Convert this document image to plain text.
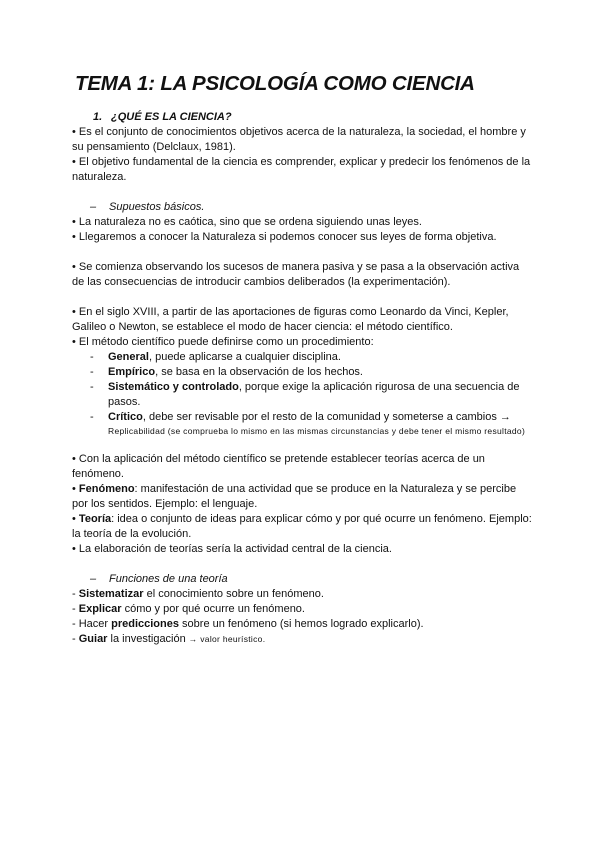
TEMA 1: LA PSICOLOGÍA COMO CIENCIA
1. ¿QUÉ ES LA CIENCIA?

• Es el conjunto de conocimientos objetivos acerca de la naturaleza, la sociedad, el hombre y su pensamiento (Delclaux, 1981).

• El objetivo fundamental de la ciencia es comprender, explicar y predecir los fenómenos de la naturaleza.

– Supuestos básicos.

• La naturaleza no es caótica, sino que se ordena siguiendo unas leyes.

• Llegaremos a conocer la Naturaleza si podemos conocer sus leyes de forma objetiva.

• Se comienza observando los sucesos de manera pasiva y se pasa a la observación activa de las consecuencias de introducir cambios deliberados (la experimentación).

• En el siglo XVIII, a partir de las aportaciones de figuras como Leonardo da Vinci, Kepler, Galileo o Newton, se establece el modo de hacer ciencia: el método científico.

• El método científico puede definirse como un procedimiento:

- General, puede aplicarse a cualquier disciplina.
- Empírico, se basa en la observación de los hechos.
- Sistemático y controlado, porque exige la aplicación rigurosa de una secuencia de pasos.
- Crítico, debe ser revisable por el resto de la comunidad y someterse a cambios →
Replicabilidad (se comprueba lo mismo en las mismas circunstancias y debe tener el mismo resultado)

• Con la aplicación del método científico se pretende establecer teorías acerca de un fenómeno.

• Fenómeno: manifestación de una actividad que se produce en la Naturaleza y se percibe por los sentidos. Ejemplo: el lenguaje.

• Teoría: idea o conjunto de ideas para explicar cómo y por qué ocurre un fenómeno. Ejemplo: la teoría de la evolución.

• La elaboración de teorías sería la actividad central de la ciencia.

– Funciones de una teoría

- Sistematizar el conocimiento sobre un fenómeno.

- Explicar cómo y por qué ocurre un fenómeno.

- Hacer predicciones sobre un fenómeno (si hemos logrado explicarlo).

- Guiar la investigación → valor heurístico.
